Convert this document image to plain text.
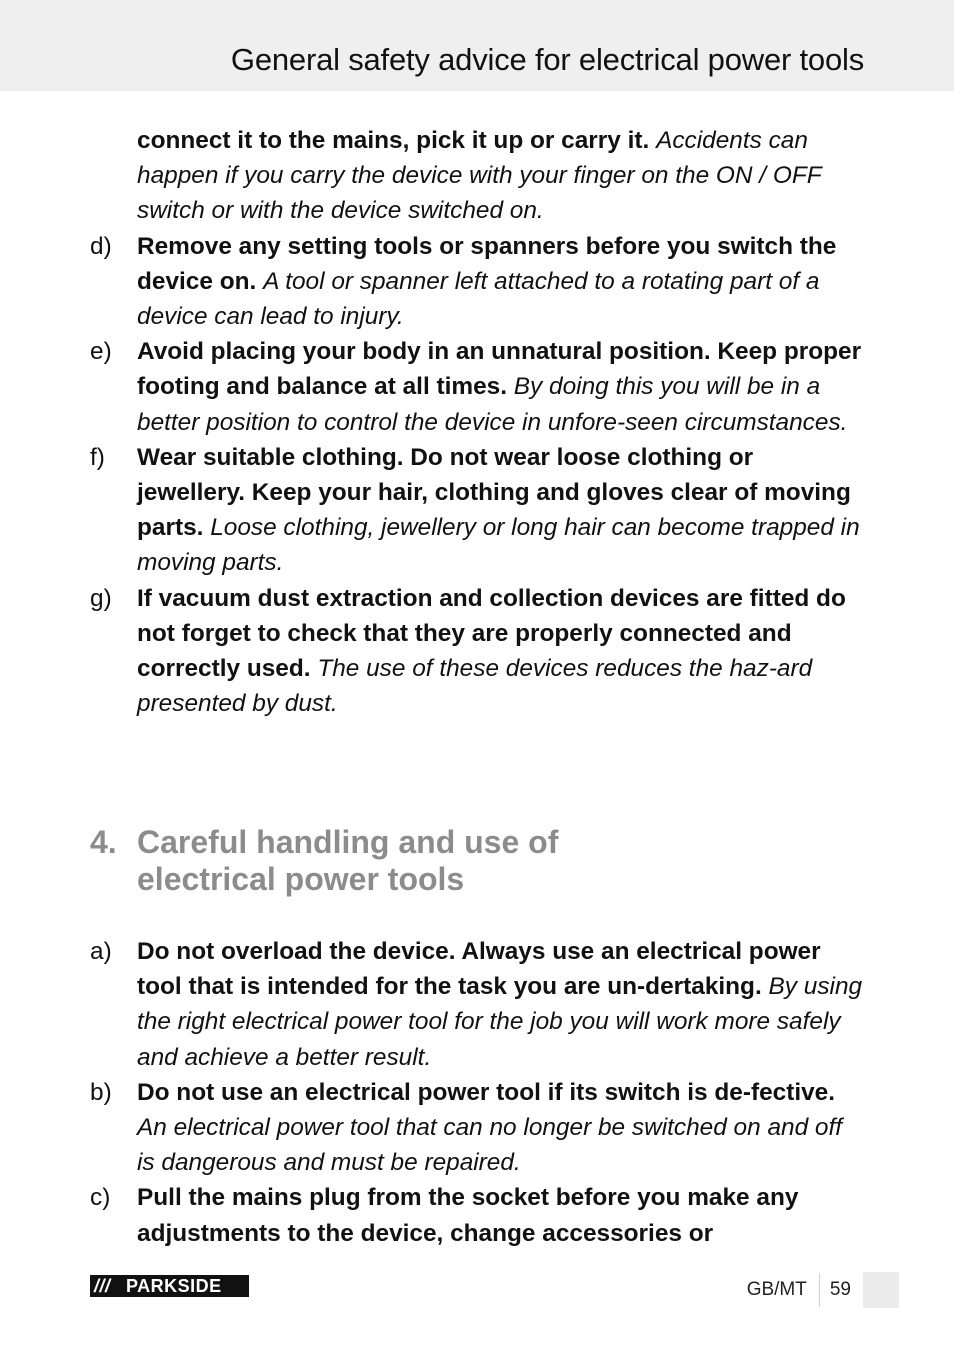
General safety advice for electrical power tools
connect it to the mains, pick it up or carry it. Accidents can happen if you carry the device with your finger on the ON / OFF switch or with the device switched on.
d) Remove any setting tools or spanners before you switch the device on. A tool or spanner left attached to a rotating part of a device can lead to injury.
e) Avoid placing your body in an unnatural position. Keep proper footing and balance at all times. By doing this you will be in a better position to control the device in unfore-seen circumstances.
f) Wear suitable clothing. Do not wear loose clothing or jewellery. Keep your hair, clothing and gloves clear of moving parts. Loose clothing, jewellery or long hair can become trapped in moving parts.
g) If vacuum dust extraction and collection devices are fitted do not forget to check that they are properly connected and correctly used. The use of these devices reduces the haz-ard presented by dust.
4. Careful handling and use of
electrical power tools
a) Do not overload the device. Always use an electrical power tool that is intended for the task you are un-dertaking. By using the right electrical power tool for the job you will work more safely and achieve a better result.
b) Do not use an electrical power tool if its switch is de-fective. An electrical power tool that can no longer be switched on and off is dangerous and must be repaired.
c) Pull the mains plug from the socket before you make any adjustments to the device, change accessories or
/// PARKSIDE	GB/MT	59
